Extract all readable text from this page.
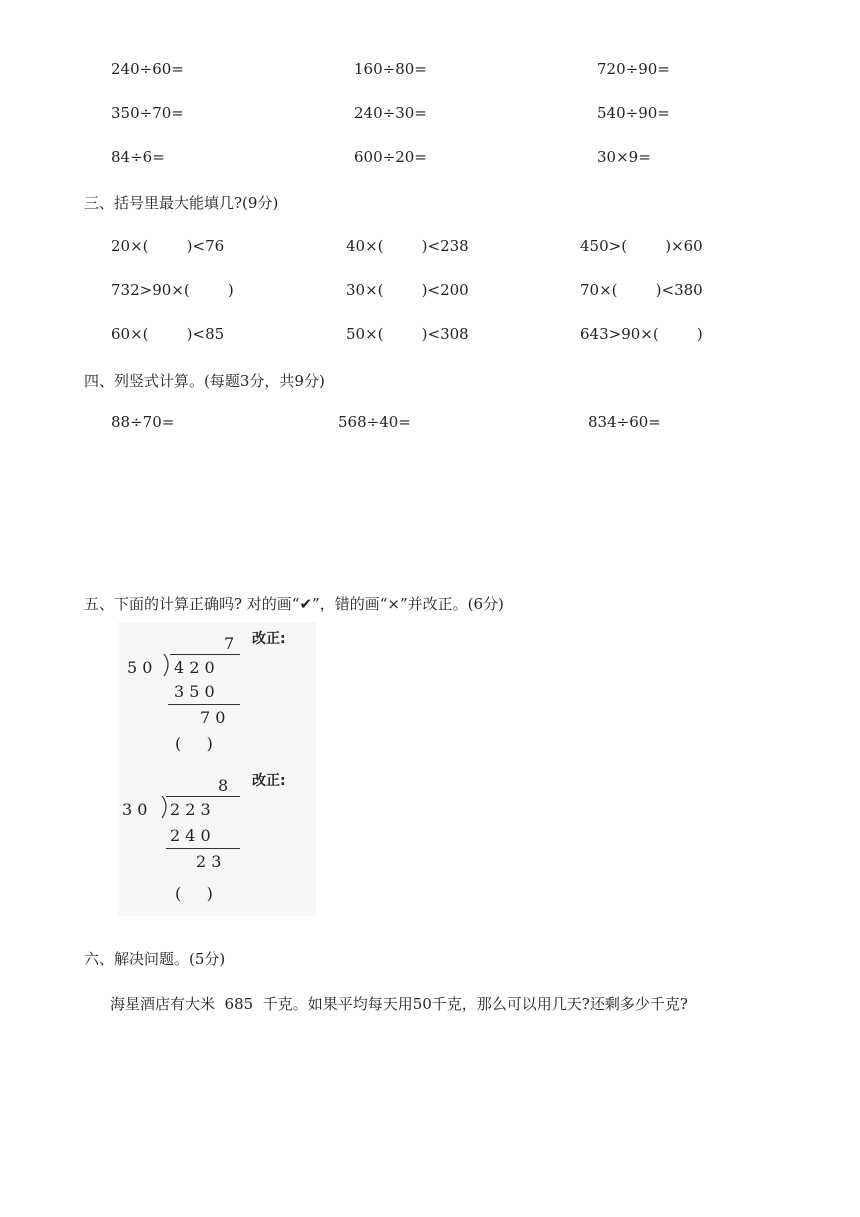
240÷60=	160÷80=	720÷90=
350÷70=	240÷30=	540÷90=
84÷6=	600÷20=	30×9=
三、括号里最大能填几?(9分)
20×(        )<76	40×(        )<238	450>(        )×60
732>90×(        )	30×(        )<200	70×(        )<380
60×(        )<85	50×(        )<308	643>90×(        )
四、列竖式计算。(每题3分，共9分)
88÷70=	568÷40=	834÷60=
五、下面的计算正确吗? 对的画“✔”，错的画“×”并改正。(6分)
7 改正:
5 0 4 2 0
3 5 0
7 0
(     )
8 改正:
3 0 2 2 3
2 4 0
2 3
(     )
六、解决问题。(5分)
海星酒店有大米  685  千克。如果平均每天用50千克，那么可以用几天?还剩多少千克?
